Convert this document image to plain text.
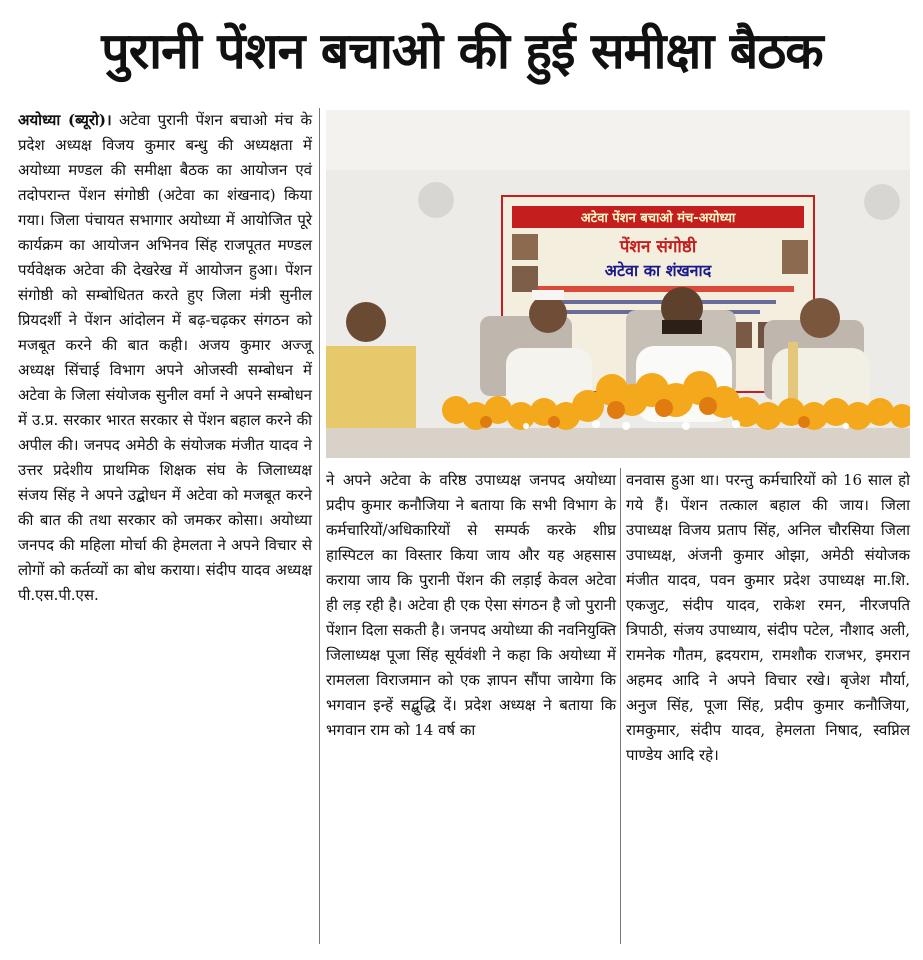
पुरानी पेंशन बचाओ की हुई समीक्षा बैठक

अयोध्या (ब्यूरो)। अटेवा पुरानी पेंशन बचाओ मंच के प्रदेश अध्यक्ष विजय कुमार बन्धु की अध्यक्षता में अयोध्या मण्डल की समीक्षा बैठक का आयोजन एवं तदोपरान्त पेंशन संगोष्ठी (अटेवा का शंखनाद) किया गया। जिला पंचायत सभागार अयोध्या में आयोजित पूरे कार्यक्रम का आयोजन अभिनव सिंह राजपूतत मण्डल पर्यवेक्षक अटेवा की देखरेख में आयोजन हुआ। पेंशन संगोष्ठी को सम्बोधितत करते हुए जिला मंत्री सुनील प्रियदर्शी ने पेंशन आंदोलन में बढ़-चढ़कर संगठन को मजबूत करने की बात कही। अजय कुमार अज्जू अध्यक्ष सिंचाई विभाग अपने ओजस्वी सम्बोधन में अटेवा के जिला संयोजक सुनील वर्मा ने अपने सम्बोधन में उ.प्र. सरकार भारत सरकार से पेंशन बहाल करने की अपील की। जनपद अमेठी के संयोजक मंजीत यादव ने उत्तर प्रदेशीय प्राथमिक शिक्षक संघ के जिलाध्यक्ष संजय सिंह ने अपने उद्बोधन में अटेवा को मजबूत करने की बात की तथा सरकार को जमकर कोसा। अयोध्या जनपद की महिला मोर्चा की हेमलता ने अपने विचार से लोगों को कर्तव्यों का बोध कराया। संदीप यादव अध्यक्ष पी.एस.पी.एस.

अटेवा पेंशन बचाओ मंच-अयोध्या
पेंशन संगोष्ठी
अटेवा का शंखनाद

ने अपने अटेवा के वरिष्ठ उपाध्यक्ष जनपद अयोध्या प्रदीप कुमार कनौजिया ने बताया कि सभी विभाग के कर्मचारियों/अधिकारियों से सम्पर्क करके शीघ्र हास्पिटल का विस्तार किया जाय और यह अहसास कराया जाय कि पुरानी पेंशन की लड़ाई केवल अटेवा ही लड़ रही है। अटेवा ही एक ऐसा संगठन है जो पुरानी पेंशान दिला सकती है। जनपद अयोध्या की नवनियुक्ति जिलाध्यक्ष पूजा सिंह सूर्यवंशी ने कहा कि अयोध्या में रामलला विराजमान को एक ज्ञापन सौंपा जायेगा कि भगवान इन्हें सद्बुद्धि दें। प्रदेश अध्यक्ष ने बताया कि भगवान राम को 14 वर्ष का

वनवास हुआ था। परन्तु कर्मचारियों को 16 साल हो गये हैं। पेंशन तत्काल बहाल की जाय। जिला उपाध्यक्ष विजय प्रताप सिंह, अनिल चौरसिया जिला उपाध्यक्ष, अंजनी कुमार ओझा, अमेठी संयोजक मंजीत यादव, पवन कुमार प्रदेश उपाध्यक्ष मा.शि. एकजुट, संदीप यादव, राकेश रमन, नीरजपति त्रिपाठी, संजय उपाध्याय, संदीप पटेल, नौशाद अली, रामनेक गौतम, ह्रदयराम, रामशौक राजभर, इमरान अहमद आदि ने अपने विचार रखे। बृजेश मौर्या, अनुज सिंह, पूजा सिंह, प्रदीप कुमार कनौजिया, रामकुमार, संदीप यादव, हेमलता निषाद, स्वप्निल पाण्डेय आदि रहे।
